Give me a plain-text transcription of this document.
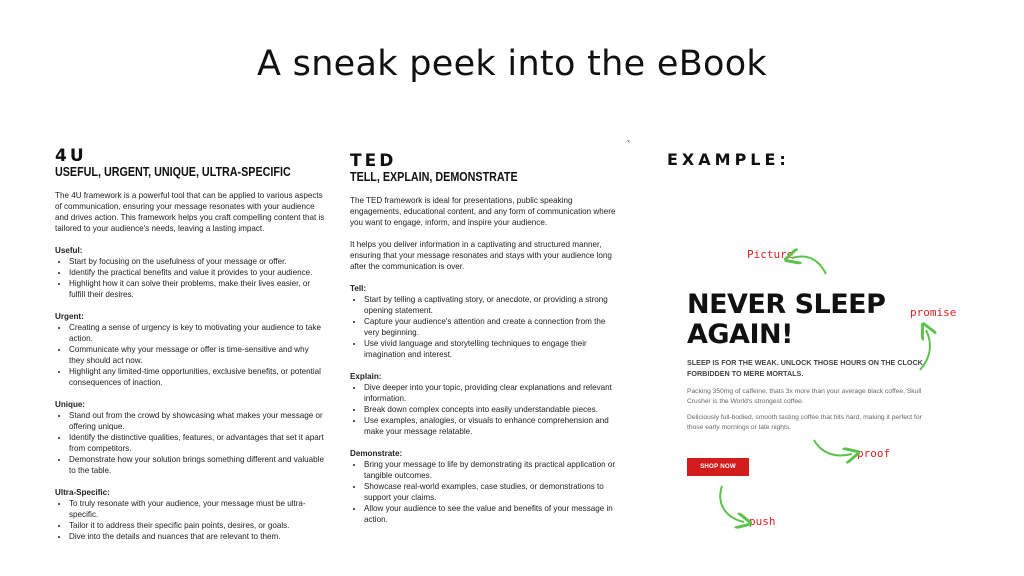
A sneak peek into the eBook
4U
USEFUL, URGENT, UNIQUE, ULTRA-SPECIFIC

The 4U framework is a powerful tool that can be applied to various aspects of communication, ensuring your message resonates with your audience and drives action. This framework helps you craft compelling content that is tailored to your audience's needs, leaving a lasting impact.

Useful:

• Start by focusing on the usefulness of your message or offer.
• Identify the practical benefits and value it provides to your audience.
• Highlight how it can solve their problems, make their lives easier, or fulfill their desires.

Urgent:

• Creating a sense of urgency is key to motivating your audience to take action.
• Communicate why your message or offer is time-sensitive and why they should act now.
• Highlight any limited-time opportunities, exclusive benefits, or potential consequences of inaction.

Unique:

• Stand out from the crowd by showcasing what makes your message or offering unique.
• Identify the distinctive qualities, features, or advantages that set it apart from competitors.
• Demonstrate how your solution brings something different and valuable to the table.

Ultra-Specific:

• To truly resonate with your audience, your message must be ultra-specific.
• Tailor it to address their specific pain points, desires, or goals.
• Dive into the details and nuances that are relevant to them.
TED
TELL, EXPLAIN, DEMONSTRATE

The TED framework is ideal for presentations, public speaking engagements, educational content, and any form of communication where you want to engage, inform, and inspire your audience.

It helps you deliver information in a captivating and structured manner, ensuring that your message resonates and stays with your audience long after the communication is over.

Tell:

• Start by telling a captivating story, or anecdote, or providing a strong opening statement.
• Capture your audience's attention and create a connection from the very beginning.
• Use vivid language and storytelling techniques to engage their imagination and interest.

Explain:

• Dive deeper into your topic, providing clear explanations and relevant information.
• Break down complex concepts into easily understandable pieces.
• Use examples, analogies, or visuals to enhance comprehension and make your message relatable.

Demonstrate:

• Bring your message to life by demonstrating its practical application or tangible outcomes.
• Showcase real-world examples, case studies, or demonstrations to support your claims.
• Allow your audience to see the value and benefits of your message in action.
`
EXAMPLE:
NEVER SLEEP AGAIN!
SLEEP IS FOR THE WEAK. UNLOCK THOSE HOURS ON THE CLOCK FORBIDDEN TO MERE MORTALS.
Packing 350mg of caffeine, thats 3x more than your average black coffee, Skull Crusher is the World's strongest coffee.
Deliciously full-bodied, smooth tasting coffee that hits hard, making it perfect for those early mornings or late nights.
SHOP NOW
Picture
promise
proof
push
